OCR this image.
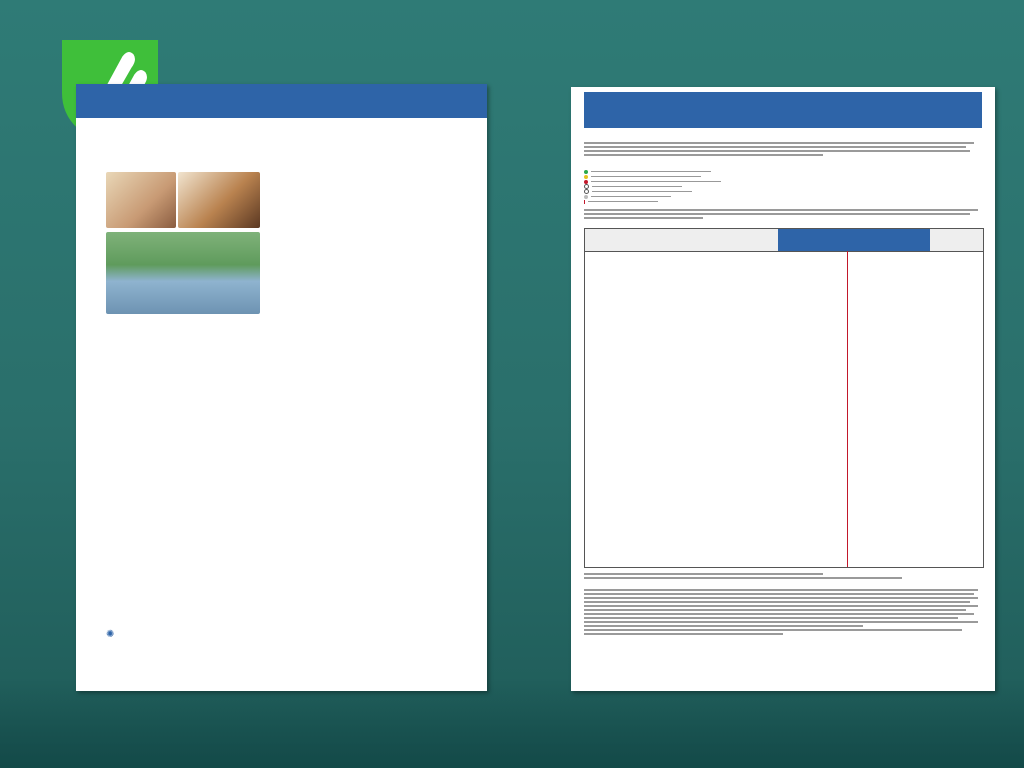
✺
